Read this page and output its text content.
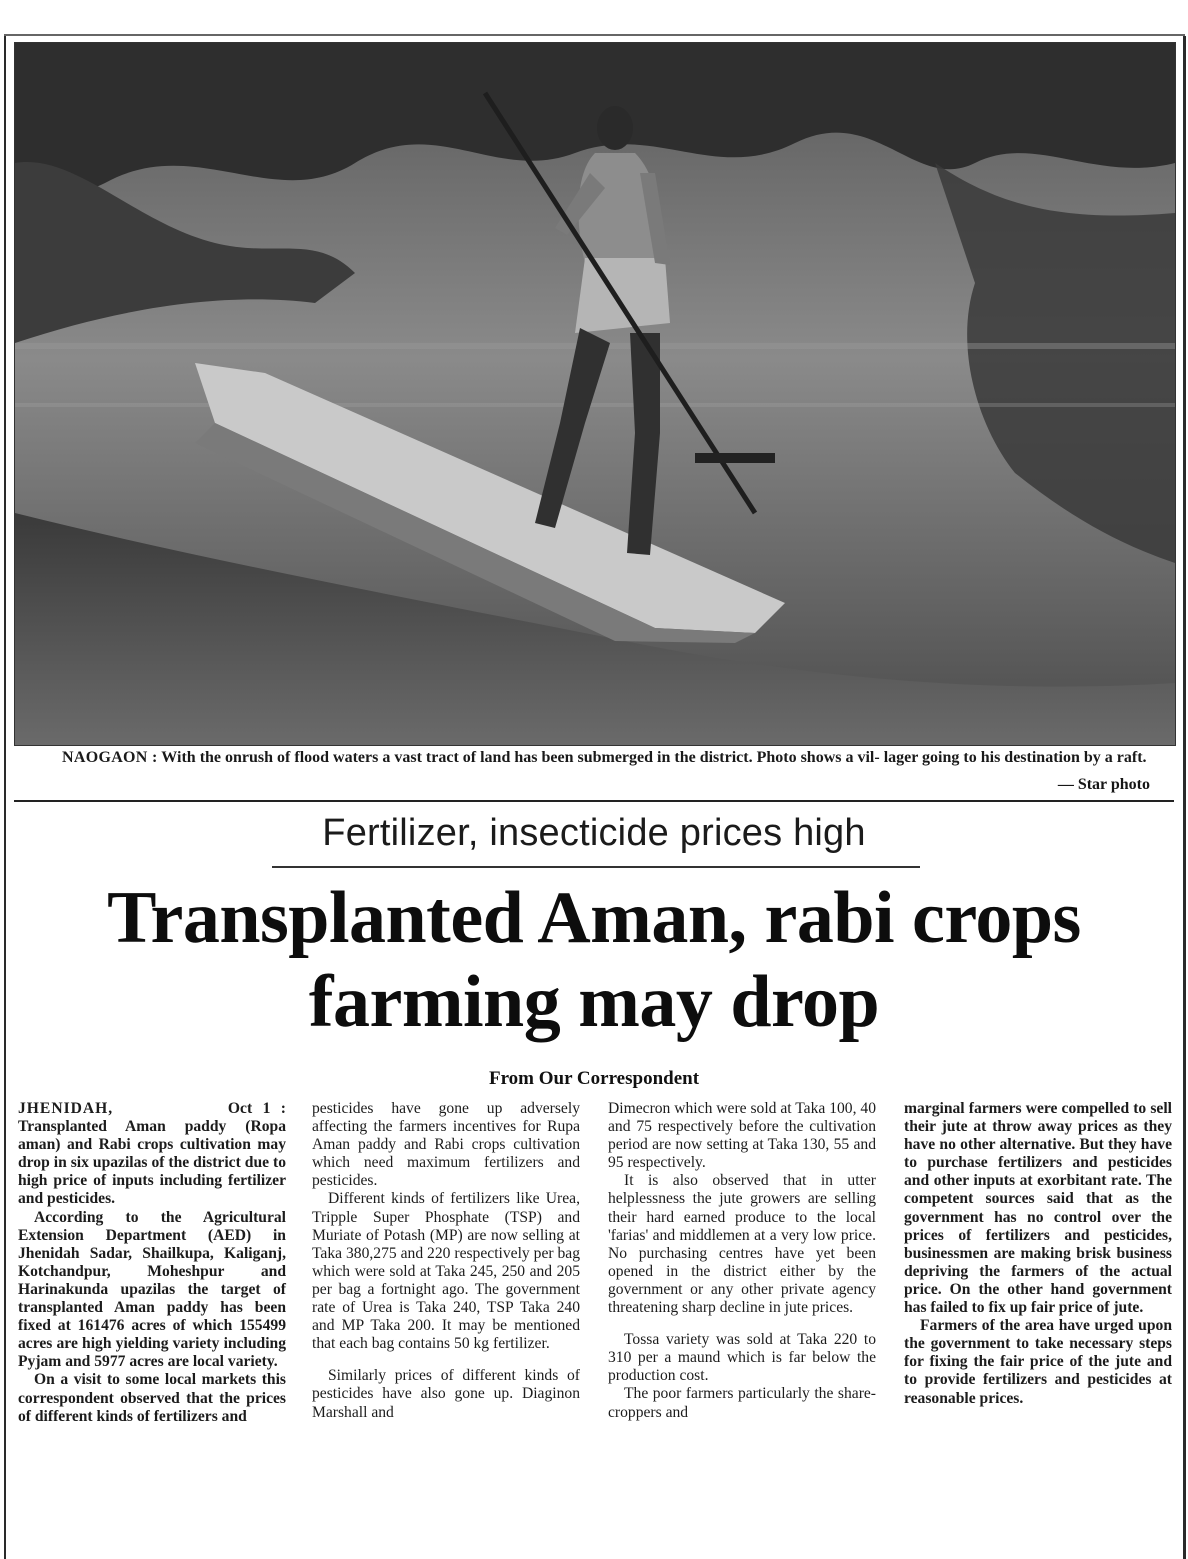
NAOGAON : With the onrush of flood waters a vast tract of land has been submerged in the district. Photo shows a vil- lager going to his destination by a raft.
— Star photo
Fertilizer, insecticide prices high
Transplanted Aman, rabi crops
farming may drop
From Our Correspondent

JHENIDAH,	Oct 1 : Transplanted Aman paddy (Ropa aman) and Rabi crops cultivation may drop in six upazilas of the district due to high price of inputs including fertilizer and pesticides.

According to the Agricultural Extension Department (AED) in Jhenidah Sadar, Shailkupa, Kaliganj, Kotchandpur, Moheshpur and Harinakunda upazilas the target of transplanted Aman paddy has been fixed at 161476 acres of which 155499 acres are high yielding variety including Pyjam and 5977 acres are local variety.

On a visit to some local markets this correspondent observed that the prices of different kinds of fertilizers and

pesticides have gone up adversely affecting the farmers incentives for Rupa Aman paddy and Rabi crops cultivation which need maximum fertilizers and pesticides.

Different kinds of fertilizers like Urea, Tripple Super Phosphate (TSP) and Muriate of Potash (MP) are now selling at Taka 380,275 and 220 respectively per bag which were sold at Taka 245, 250 and 205 per bag a fortnight ago. The government rate of Urea is Taka 240, TSP Taka 240 and MP Taka 200. It may be mentioned that each bag contains 50 kg fertilizer.

Similarly prices of different kinds of pesticides have also gone up. Diaginon Marshall and

Dimecron which were sold at Taka 100, 40 and 75 respectively before the cultivation period are now setting at Taka 130, 55 and 95 respectively.

It is also observed that in utter helplessness the jute growers are selling their hard earned produce to the local 'farias' and middlemen at a very low price. No purchasing centres have yet been opened in the district either by the government or any other private agency threatening sharp decline in jute prices.

Tossa variety was sold at Taka 220 to 310 per a maund which is far below the production cost.

The poor farmers particularly the share-croppers and

marginal farmers were compelled to sell their jute at throw away prices as they have no other alternative. But they have to purchase fertilizers and pesticides and other inputs at exorbitant rate. The competent sources said that as the government has no control over the prices of fertilizers and pesticides, businessmen are making brisk business depriving the farmers of the actual price. On the other hand government has failed to fix up fair price of jute.

Farmers of the area have urged upon the government to take necessary steps for fixing the fair price of the jute and to provide fertilizers and pesticides at reasonable prices.
